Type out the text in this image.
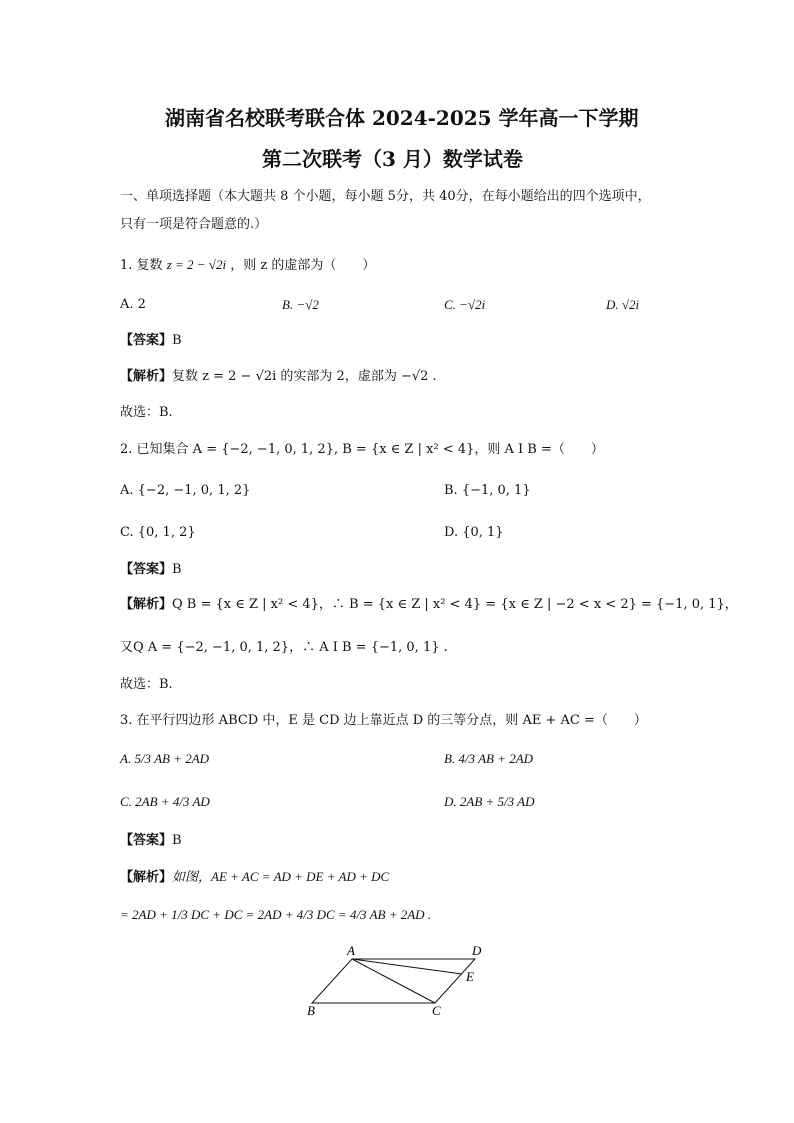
湖南省名校联考联合体 2024-2025 学年高一下学期
第二次联考（3 月）数学试卷
一、单项选择题（本大题共 8 个小题，每小题 5分，共 40分，在每小题给出的四个选项中，
只有一项是符合题意的.）
1. 复数 z = 2 − √2i ，则 z 的虚部为（　　）
A. 2	B. −√2	C. −√2i	D. √2i
【答案】B
【解析】复数 z = 2 − √2i 的实部为 2，虚部为 −√2 .
故选：B.
2. 已知集合 A = {−2, −1, 0, 1, 2}, B = {x ∈ Z | x² < 4}，则 A I B =（　　）
A. {−2, −1, 0, 1, 2}	B. {−1, 0, 1}
C. {0, 1, 2}	D. {0, 1}
【答案】B
【解析】Q B = {x ∈ Z | x² < 4}，∴ B = {x ∈ Z | x² < 4} = {x ∈ Z | −2 < x < 2} = {−1, 0, 1}，
又Q A = {−2, −1, 0, 1, 2}，∴ A I B = {−1, 0, 1} .
故选：B.
3. 在平行四边形 ABCD 中，E 是 CD 边上靠近点 D 的三等分点，则 AE + AC =（　　）
A. 5/3 AB + 2AD	B. 4/3 AB + 2AD
C. 2AB + 4/3 AD	D. 2AB + 5/3 AD
【答案】B
【解析】如图，AE + AC = AD + DE + AD + DC
= 2AD + 1/3 DC + DC = 2AD + 4/3 DC = 4/3 AB + 2AD .
A	D
E
B	C
